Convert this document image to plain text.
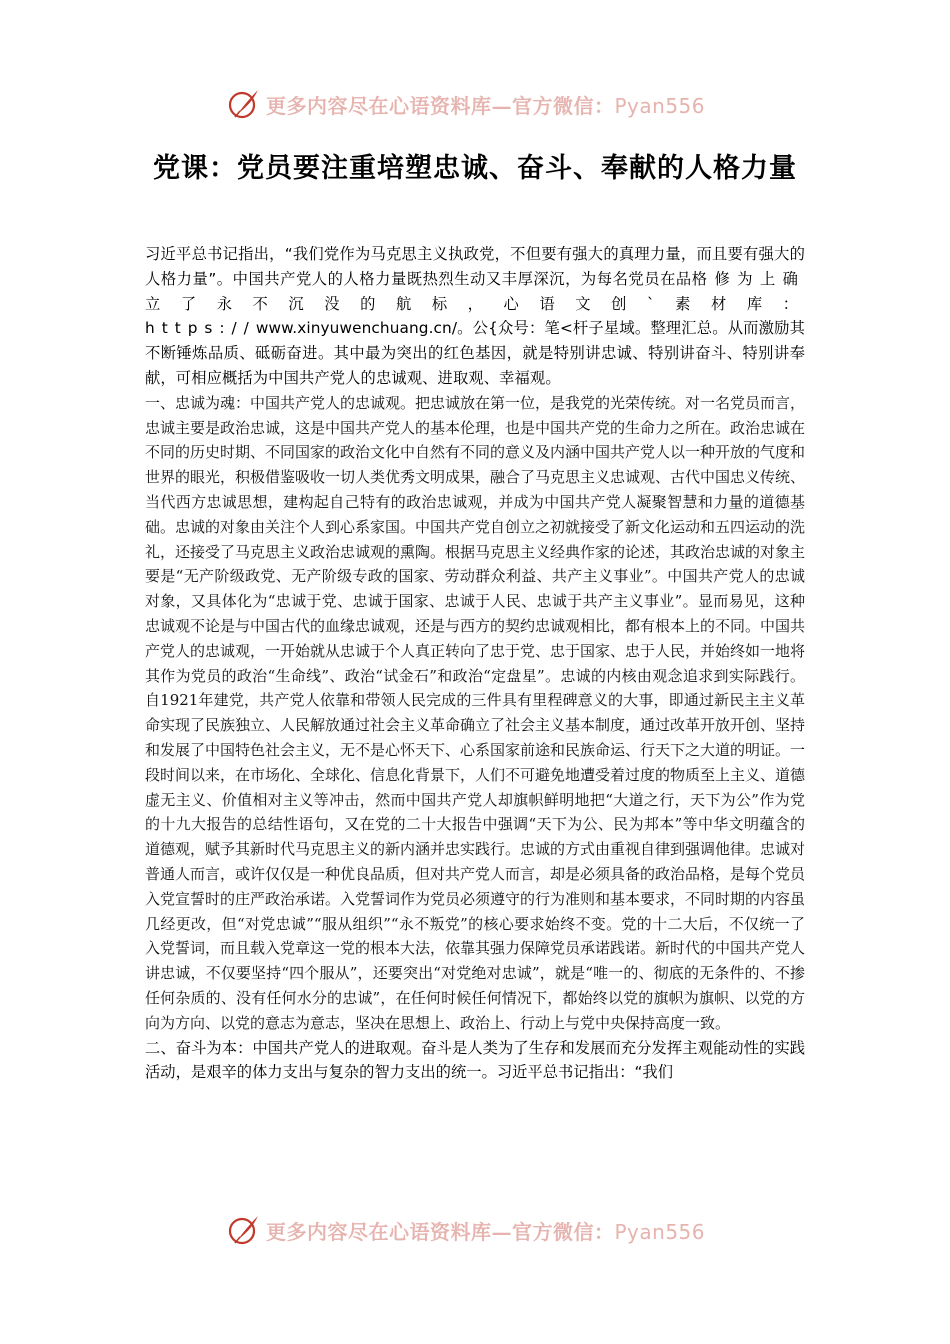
更多内容尽在心语资料库—官方微信：Pyan556
党课：党员要注重培塑忠诚、奋斗、奉献的人格力量

习近平总书记指出，“我们党作为马克思主义执政党，不但要有强大的真理力量，而且要有强大的人格力量”。中国共产党人的人格力量既热烈生动又丰厚深沉，为每名党员在品格修为上确立了永不沉没的航标，心语文创`素材库：https://www.xinyuwenchuang.cn/。公{众号：笔<杆子星域。整理汇总。从而激励其不断锤炼品质、砥砺奋进。其中最为突出的红色基因，就是特别讲忠诚、特别讲奋斗、特别讲奉献，可相应概括为中国共产党人的忠诚观、进取观、幸福观。

一、忠诚为魂：中国共产党人的忠诚观。把忠诚放在第一位，是我党的光荣传统。对一名党员而言，忠诚主要是政治忠诚，这是中国共产党人的基本伦理，也是中国共产党的生命力之所在。政治忠诚在不同的历史时期、不同国家的政治文化中自然有不同的意义及内涵中国共产党人以一种开放的气度和世界的眼光，积极借鉴吸收一切人类优秀文明成果，融合了马克思主义忠诚观、古代中国忠义传统、当代西方忠诚思想，建构起自己特有的政治忠诚观，并成为中国共产党人凝聚智慧和力量的道德基础。忠诚的对象由关注个人到心系家国。中国共产党自创立之初就接受了新文化运动和五四运动的洗礼，还接受了马克思主义政治忠诚观的熏陶。根据马克思主义经典作家的论述，其政治忠诚的对象主要是“无产阶级政党、无产阶级专政的国家、劳动群众利益、共产主义事业”。中国共产党人的忠诚对象，又具体化为“忠诚于党、忠诚于国家、忠诚于人民、忠诚于共产主义事业”。显而易见，这种忠诚观不论是与中国古代的血缘忠诚观，还是与西方的契约忠诚观相比，都有根本上的不同。中国共产党人的忠诚观，一开始就从忠诚于个人真正转向了忠于党、忠于国家、忠于人民，并始终如一地将其作为党员的政治“生命线”、政治“试金石”和政治“定盘星”。忠诚的内核由观念追求到实际践行。自1921年建党，共产党人依靠和带领人民完成的三件具有里程碑意义的大事，即通过新民主主义革命实现了民族独立、人民解放通过社会主义革命确立了社会主义基本制度，通过改革开放开创、坚持和发展了中国特色社会主义，无不是心怀天下、心系国家前途和民族命运、行天下之大道的明证。一段时间以来，在市场化、全球化、信息化背景下，人们不可避免地遭受着过度的物质至上主义、道德虚无主义、价值相对主义等冲击，然而中国共产党人却旗帜鲜明地把“大道之行，天下为公”作为党的十九大报告的总结性语句，又在党的二十大报告中强调“天下为公、民为邦本”等中华文明蕴含的道德观，赋予其新时代马克思主义的新内涵并忠实践行。忠诚的方式由重视自律到强调他律。忠诚对普通人而言，或许仅仅是一种优良品质，但对共产党人而言，却是必须具备的政治品格，是每个党员入党宣誓时的庄严政治承诺。入党誓词作为党员必须遵守的行为准则和基本要求，不同时期的内容虽几经更改，但“对党忠诚”“服从组织”“永不叛党”的核心要求始终不变。党的十二大后，不仅统一了入党誓词，而且载入党章这一党的根本大法，依靠其强力保障党员承诺践诺。新时代的中国共产党人讲忠诚，不仅要坚持“四个服从”，还要突出“对党绝对忠诚”，就是“唯一的、彻底的无条件的、不掺任何杂质的、没有任何水分的忠诚”，在任何时候任何情况下，都始终以党的旗帜为旗帜、以党的方向为方向、以党的意志为意志，坚决在思想上、政治上、行动上与党中央保持高度一致。

二、奋斗为本：中国共产党人的进取观。奋斗是人类为了生存和发展而充分发挥主观能动性的实践活动，是艰辛的体力支出与复杂的智力支出的统一。习近平总书记指出：“我们

更多内容尽在心语资料库—官方微信：Pyan556
